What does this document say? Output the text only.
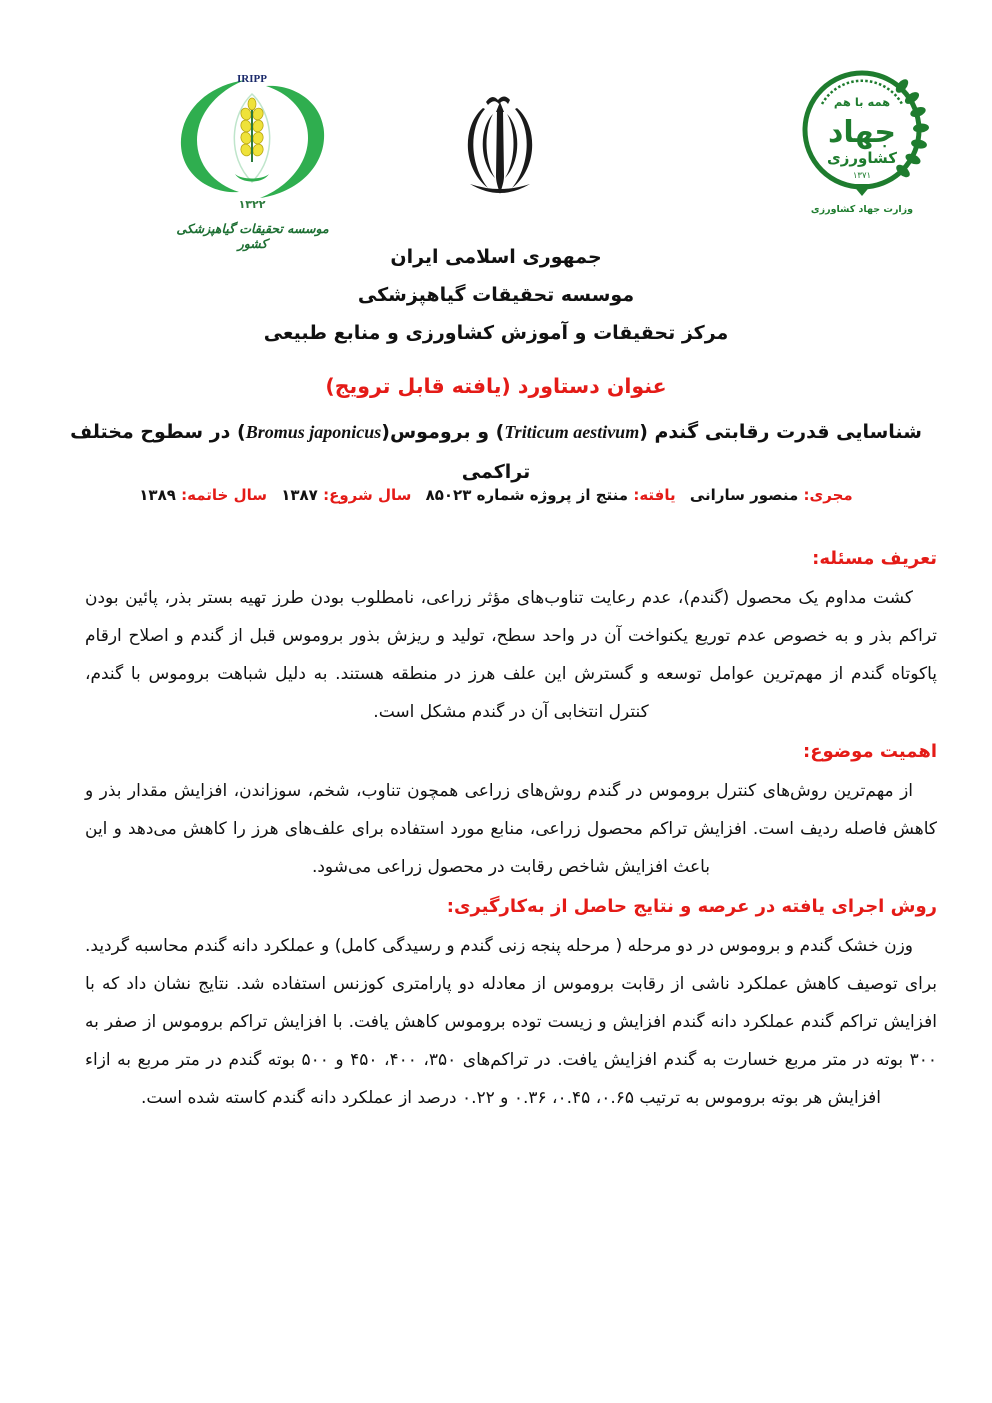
IRIPP
۱۳۲۲
موسسه تحقیقات گیاهپزشکی کشور
همه با هم
جهاد
کشاورزی
۱۳۷۱
وزارت جهاد کشاورزی
جمهوری اسلامی ایران
موسسه تحقیقات گیاهپزشکی
مرکز تحقیقات و آموزش کشاورزی و منابع طبیعی
عنوان دستاورد (یافته قابل ترویج)
شناسایی قدرت رقابتی گندم (Triticum aestivum) و بروموس(Bromus japonicus) در سطوح مختلف
تراکمی
مجری: منصور سارانی یافته: منتج از پروژه شماره ۸۵۰۲۳ سال شروع: ۱۳۸۷ سال خاتمه: ۱۳۸۹
تعریف مسئله:

کشت مداوم یک محصول (گندم)، عدم رعایت تناوب‌های مؤثر زراعی، نامطلوب بودن طرز تهیه بستر بذر، پائین بودن تراکم بذر و به خصوص عدم توریع یکنواخت آن در واحد سطح، تولید و ریزش بذور بروموس قبل از گندم و اصلاح ارقام پاکوتاه گندم از مهم‌ترین عوامل توسعه و گسترش این علف هرز در منطقه هستند. به دلیل شباهت بروموس با گندم، کنترل انتخابی آن در گندم مشکل است.

اهمیت موضوع:

از مهم‌ترین روش‌های کنترل بروموس در گندم روش‌های زراعی همچون تناوب، شخم، سوزاندن، افزایش مقدار بذر و کاهش فاصله ردیف است. افزایش تراکم محصول زراعی، منابع مورد استفاده برای علف‌های هرز را کاهش می‌دهد و این باعث افزایش شاخص رقابت در محصول زراعی می‌شود.

روش اجرای یافته در عرصه و نتایج حاصل از به‌کارگیری:

وزن خشک گندم و بروموس در دو مرحله ( مرحله پنجه زنی گندم و رسیدگی کامل) و عملکرد دانه گندم محاسبه گردید. برای توصیف کاهش عملکرد ناشی از رقابت بروموس از معادله دو پارامتری کوزنس استفاده شد. نتایج نشان داد که با افزایش تراکم گندم عملکرد دانه گندم افزایش و زیست توده بروموس کاهش یافت. با افزایش تراکم بروموس از صفر به ۳۰۰ بوته در متر مربع خسارت به گندم افزایش یافت. در تراکم‌های ۳۵۰، ۴۰۰، ۴۵۰ و ۵۰۰ بوته گندم در متر مربع به ازاء افزایش هر بوته بروموس به ترتیب ۰.۶۵، ۰.۴۵، ۰.۳۶ و ۰.۲۲ درصد از عملکرد دانه گندم کاسته شده است.
